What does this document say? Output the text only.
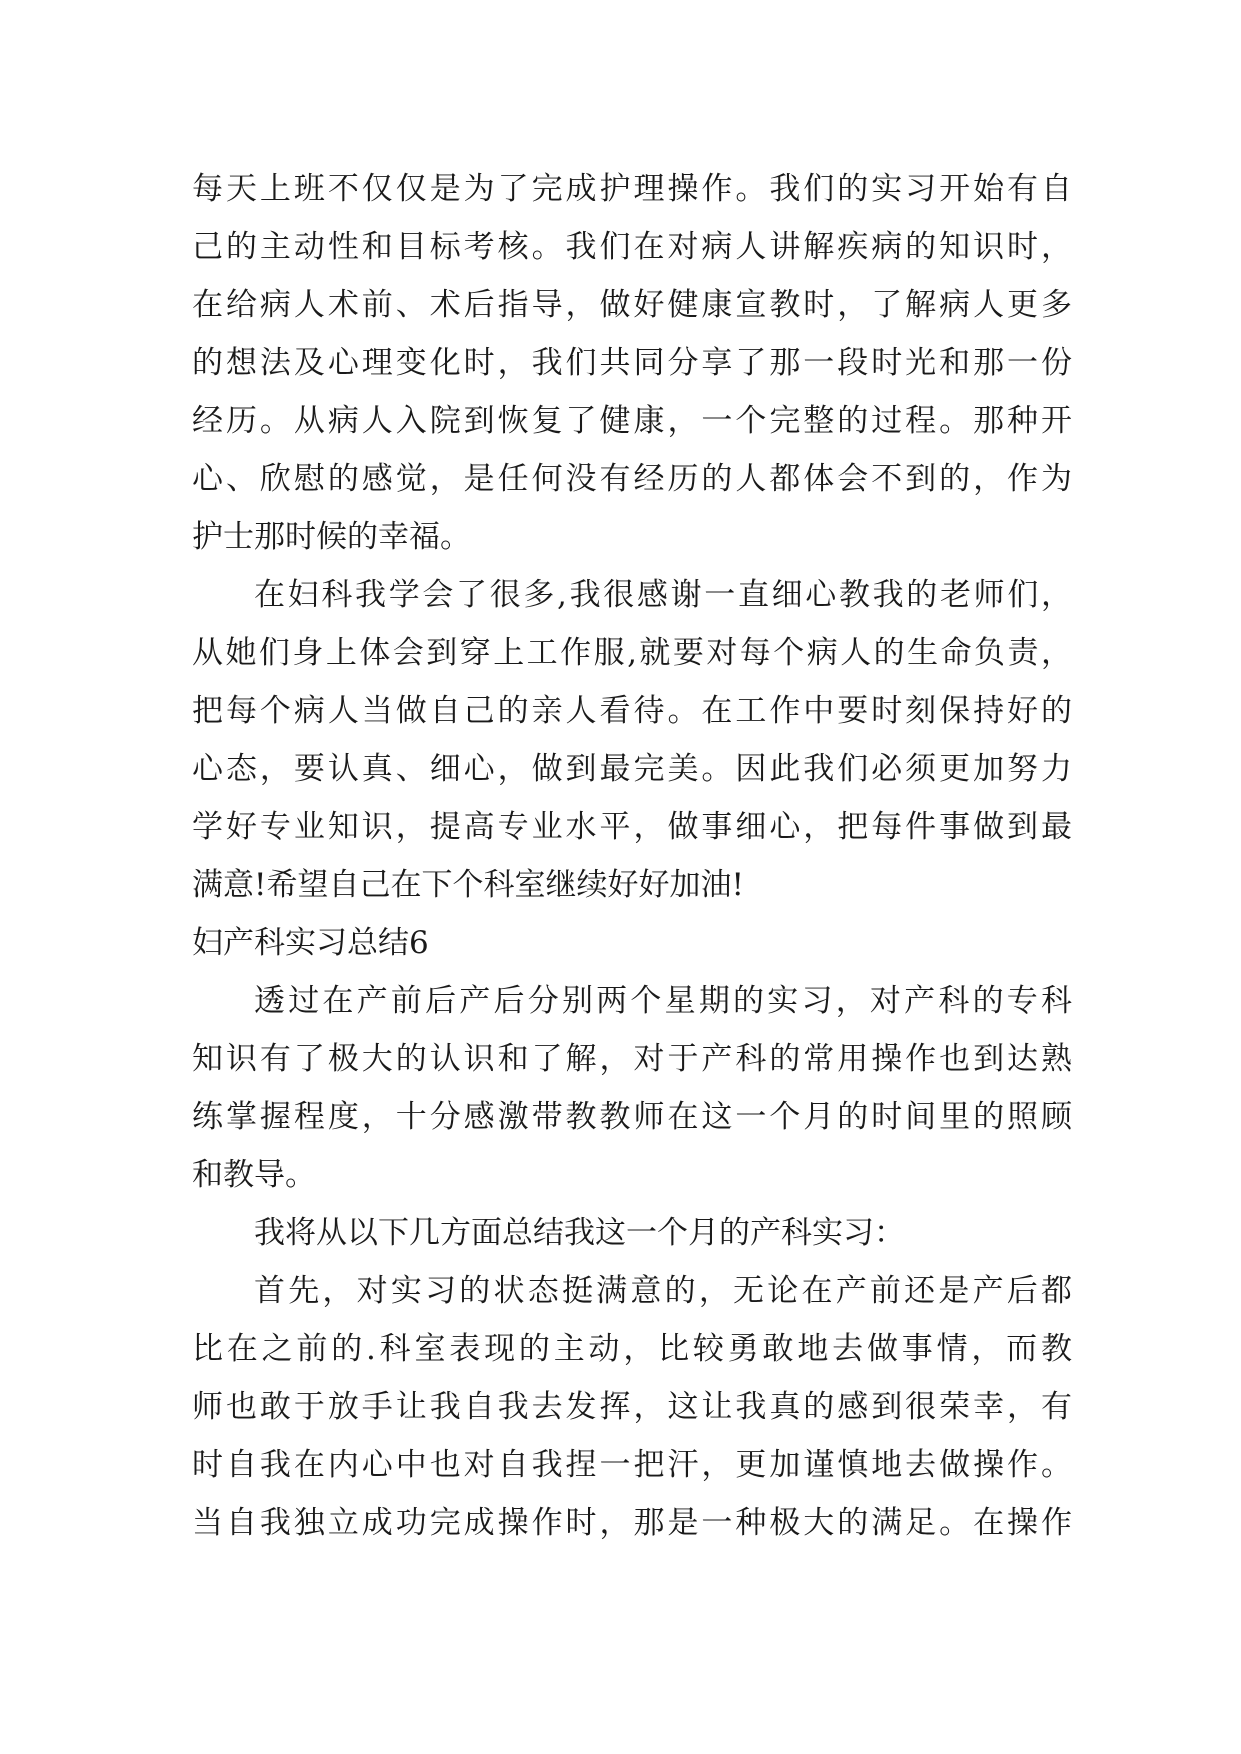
每天上班不仅仅是为了完成护理操作。我们的实习开始有自
己的主动性和目标考核。我们在对病人讲解疾病的知识时，
在给病人术前、术后指导，做好健康宣教时，了解病人更多
的想法及心理变化时，我们共同分享了那一段时光和那一份
经历。从病人入院到恢复了健康，一个完整的过程。那种开
心、欣慰的感觉，是任何没有经历的人都体会不到的，作为
护士那时候的幸福。
在妇科我学会了很多,我很感谢一直细心教我的老师们，
从她们身上体会到穿上工作服,就要对每个病人的生命负责，
把每个病人当做自己的亲人看待。在工作中要时刻保持好的
心态，要认真、细心，做到最完美。因此我们必须更加努力
学好专业知识，提高专业水平，做事细心，把每件事做到最
满意!希望自己在下个科室继续好好加油!
妇产科实习总结6
透过在产前后产后分别两个星期的实习，对产科的专科
知识有了极大的认识和了解，对于产科的常用操作也到达熟
练掌握程度，十分感激带教教师在这一个月的时间里的照顾
和教导。
我将从以下几方面总结我这一个月的产科实习：
首先，对实习的状态挺满意的，无论在产前还是产后都
比在之前的.科室表现的主动，比较勇敢地去做事情，而教
师也敢于放手让我自我去发挥，这让我真的感到很荣幸，有
时自我在内心中也对自我捏一把汗，更加谨慎地去做操作。
当自我独立成功完成操作时，那是一种极大的满足。在操作
